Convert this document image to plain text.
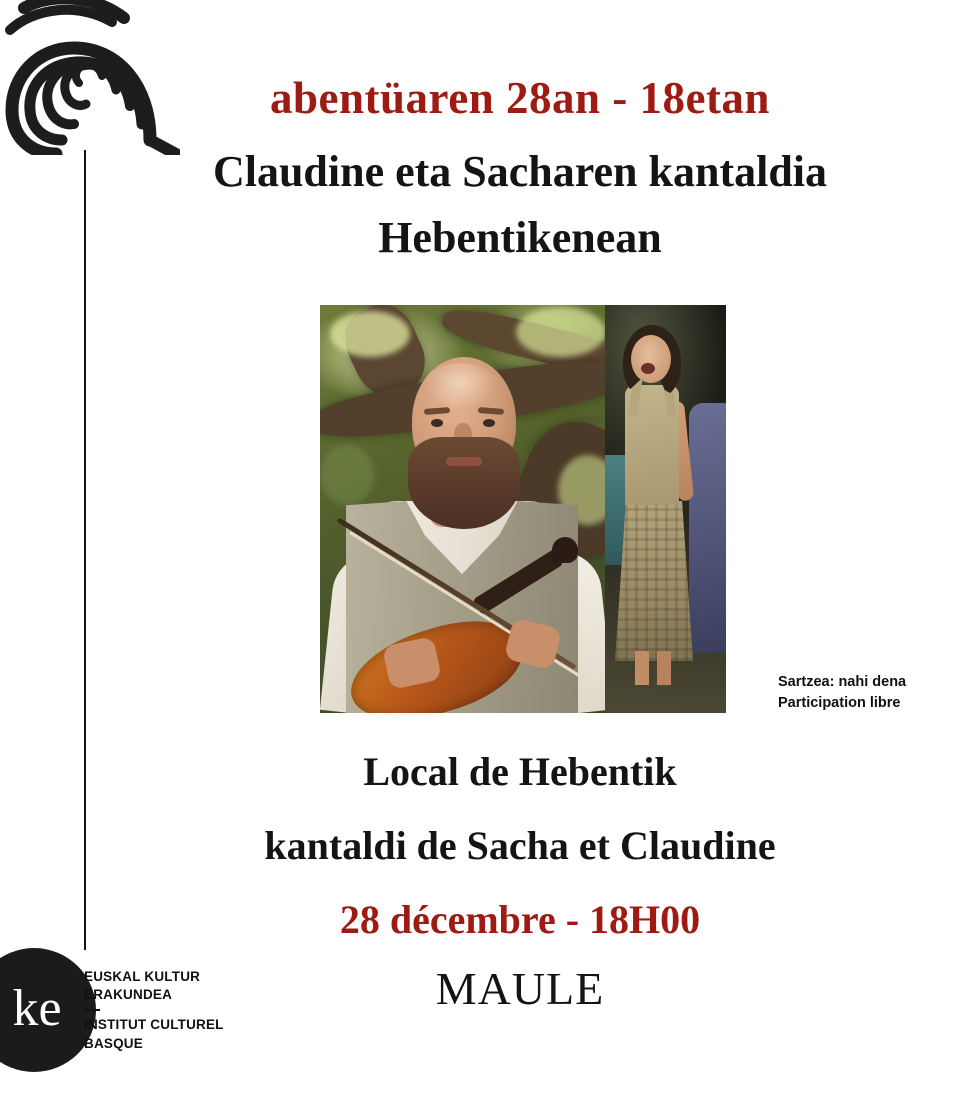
abentüaren 28an - 18etan
Claudine eta Sacharen kantaldia
Hebentikenean
Sartzea: nahi dena
Participation libre
Local de Hebentik
kantaldi de Sacha et Claudine
28 décembre - 18H00
MAULE
ke
EUSKAL KULTUR
ERAKUNDEA
INSTITUT CULTUREL
BASQUE
